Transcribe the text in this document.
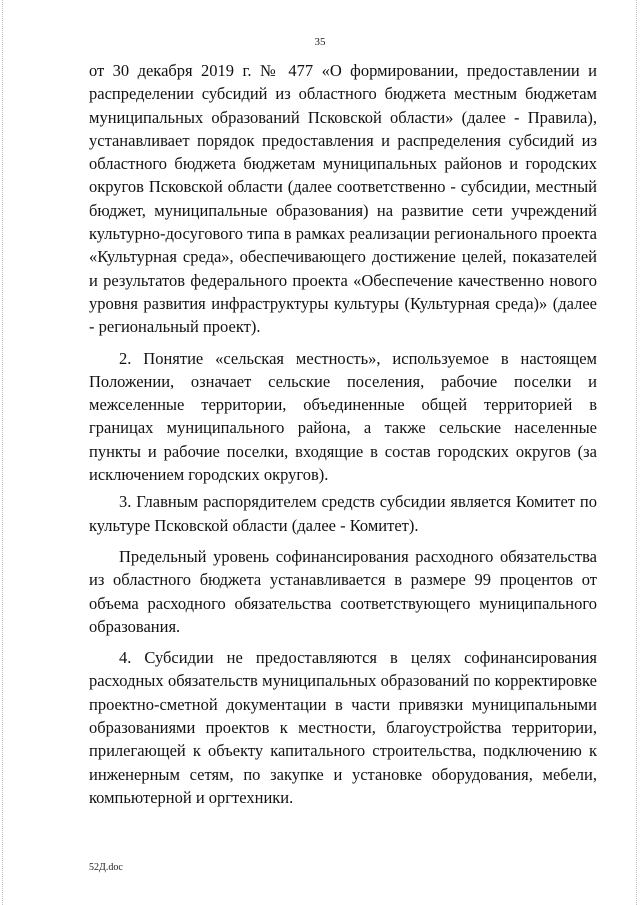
35

от 30 декабря 2019 г. № 477 «О формировании, предоставлении и распределении субсидий из областного бюджета местным бюджетам муниципальных образований Псковской области» (далее - Правила), устанавливает порядок предоставления и распределения субсидий из областного бюджета бюджетам муниципальных районов и городских округов Псковской области (далее соответственно - субсидии, местный бюджет, муниципальные образования) на развитие сети учреждений культурно-досугового типа в рамках реализации регионального проекта «Культурная среда», обеспечивающего достижение целей, показателей и результатов федерального проекта «Обеспечение качественно нового уровня развития инфраструктуры культуры (Культурная среда)» (далее - региональный проект).

2. Понятие «сельская местность», используемое в настоящем Положении, означает сельские поселения, рабочие поселки и межселенные территории, объединенные общей территорией в границах муниципального района, а также сельские населенные пункты и рабочие поселки, входящие в состав городских округов (за исключением городских округов).

3. Главным распорядителем средств субсидии является Комитет по культуре Псковской области (далее - Комитет).

Предельный уровень софинансирования расходного обязательства из областного бюджета устанавливается в размере 99 процентов от объема расходного обязательства соответствующего муниципального образования.

4. Субсидии не предоставляются в целях софинансирования расходных обязательств муниципальных образований по корректировке проектно-сметной документации в части привязки муниципальными образованиями проектов к местности, благоустройства территории, прилегающей к объекту капитального строительства, подключению к инженерным сетям, по закупке и установке оборудования, мебели, компьютерной и оргтехники.

52Д.doc
